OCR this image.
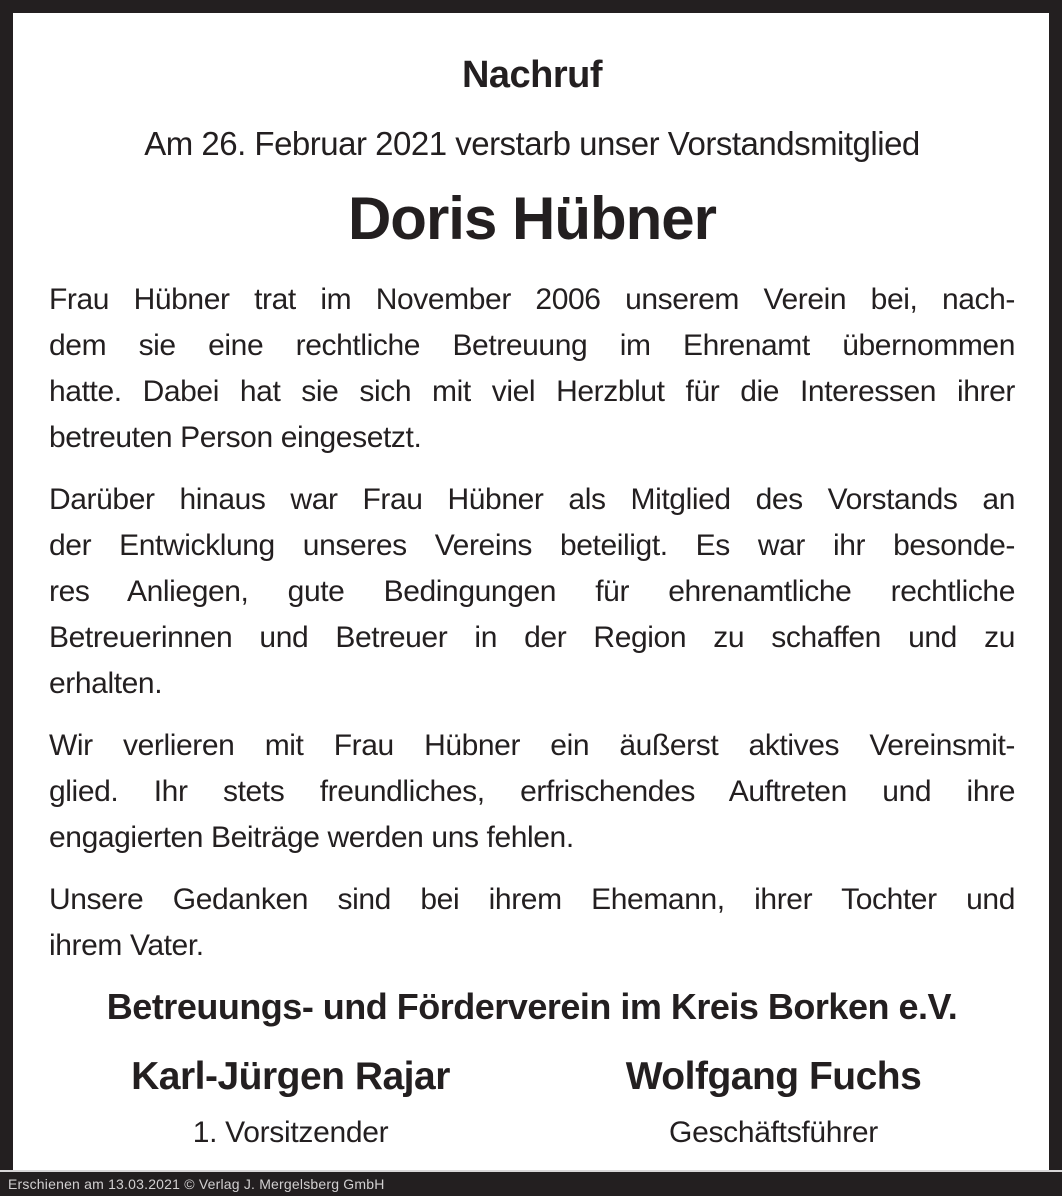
Nachruf
Am 26. Februar 2021 verstarb unser Vorstandsmitglied
Doris Hübner
Frau Hübner trat im November 2006 unserem Verein bei, nach-
dem sie eine rechtliche Betreuung im Ehrenamt übernommen
hatte. Dabei hat sie sich mit viel Herzblut für die Interessen ihrer
betreuten Person eingesetzt.
Darüber hinaus war Frau Hübner als Mitglied des Vorstands an
der Entwicklung unseres Vereins beteiligt. Es war ihr besonde-
res Anliegen, gute Bedingungen für ehrenamtliche rechtliche
Betreuerinnen und Betreuer in der Region zu schaffen und zu
erhalten.
Wir verlieren mit Frau Hübner ein äußerst aktives Vereinsmit-
glied. Ihr stets freundliches, erfrischendes Auftreten und ihre
engagierten Beiträge werden uns fehlen.
Unsere Gedanken sind bei ihrem Ehemann, ihrer Tochter und
ihrem Vater.
Betreuungs- und Förderverein im Kreis Borken e.V.
Karl-Jürgen Rajar
1. Vorsitzender
Wolfgang Fuchs
Geschäftsführer
Erschienen am 13.03.2021 © Verlag J. Mergelsberg GmbH
